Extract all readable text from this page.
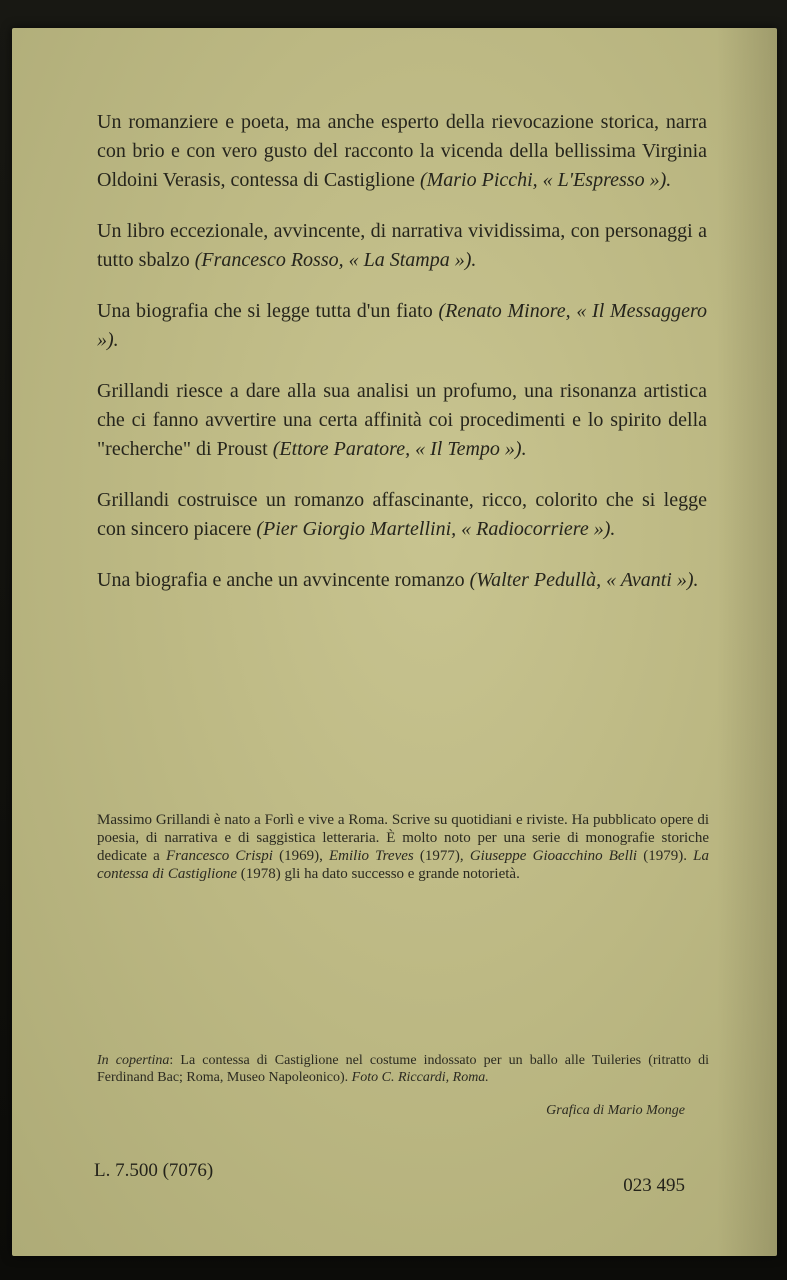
Un romanziere e poeta, ma anche esperto della rievocazione storica, narra con brio e con vero gusto del racconto la vicenda della bellissima Virginia Oldoini Verasis, contessa di Castiglione (Mario Picchi, « L'Espresso »).

Un libro eccezionale, avvincente, di narrativa vividissima, con personaggi a tutto sbalzo (Francesco Rosso, « La Stampa »).

Una biografia che si legge tutta d'un fiato (Renato Minore, « Il Messaggero »).

Grillandi riesce a dare alla sua analisi un profumo, una risonanza artistica che ci fanno avvertire una certa affinità coi procedimenti e lo spirito della "recherche" di Proust (Ettore Paratore, « Il Tempo »).

Grillandi costruisce un romanzo affascinante, ricco, colorito che si legge con sincero piacere (Pier Giorgio Martellini, « Radiocorriere »).

Una biografia e anche un avvincente romanzo (Walter Pedullà, « Avanti »).

Massimo Grillandi è nato a Forlì e vive a Roma. Scrive su quotidiani e riviste. Ha pubblicato opere di poesia, di narrativa e di saggistica letteraria. È molto noto per una serie di monografie storiche dedicate a Francesco Crispi (1969), Emilio Treves (1977), Giuseppe Gioacchino Belli (1979). La contessa di Castiglione (1978) gli ha dato successo e grande notorietà.

In copertina: La contessa di Castiglione nel costume indossato per un ballo alle Tuileries (ritratto di Ferdinand Bac; Roma, Museo Napoleonico). Foto C. Riccardi, Roma.

Grafica di Mario Monge
L. 7.500 (7076)
023 495
